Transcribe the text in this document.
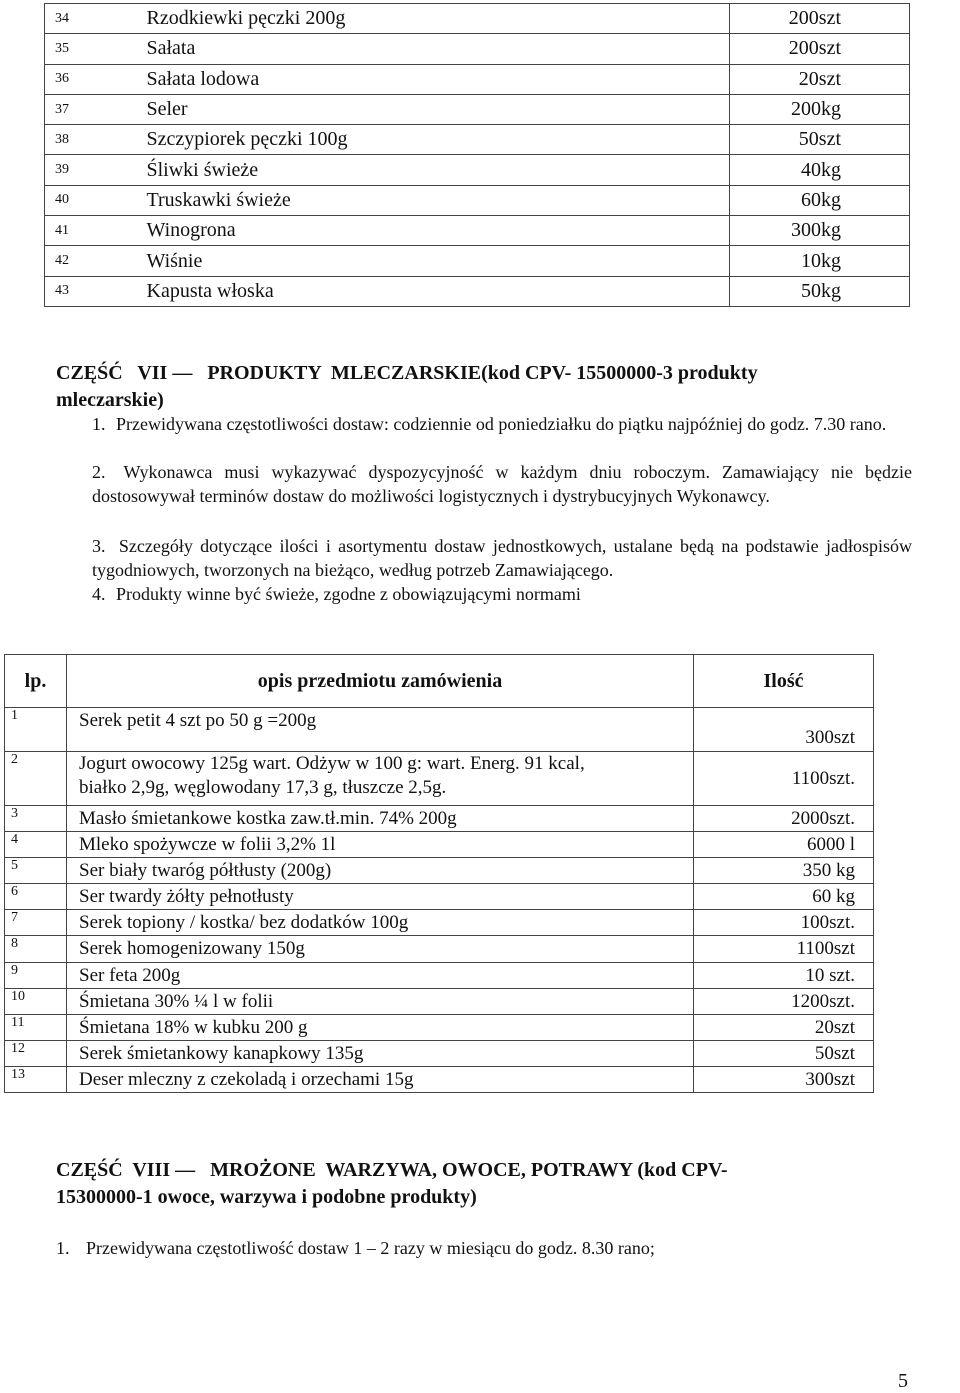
34	Rzodkiewki pęczki 200g	200szt
35	Sałata	200szt
36	Sałata lodowa	20szt
37	Seler	200kg
38	Szczypiorek pęczki 100g	50szt
39	Śliwki świeże	40kg
40	Truskawki świeże	60kg
41	Winogrona	300kg
42	Wiśnie	10kg
43	Kapusta włoska	50kg
CZĘŚĆ   VII —   PRODUKTY  MLECZARSKIE(kod CPV- 15500000-3 produkty
mleczarskie)
1. Przewidywana częstotliwości dostaw: codziennie od poniedziałku do piątku najpóźniej do godz. 7.30 rano.
2. Wykonawca musi wykazywać dyspozycyjność w każdym dniu roboczym. Zamawiający nie będzie dostosowywał terminów dostaw do możliwości logistycznych i dystrybucyjnych Wykonawcy.
3. Szczegóły dotyczące ilości i asortymentu dostaw jednostkowych, ustalane będą na podstawie jadłospisów tygodniowych, tworzonych na bieżąco, według potrzeb Zamawiającego.
4. Produkty winne być świeże, zgodne z obowiązującymi normami
lp.	opis przedmiotu zamówienia	Ilość
1	Serek petit 4 szt po 50 g =200g	300szt
2	Jogurt owocowy 125g wart. Odżyw w 100 g: wart. Energ. 91 kcal, białko 2,9g, węglowodany 17,3 g, tłuszcze 2,5g.	1100szt.
3	Masło śmietankowe kostka zaw.tł.min. 74% 200g	2000szt.
4	Mleko spożywcze w folii 3,2% 1l	6000 l
5	Ser biały twaróg półtłusty (200g)	350 kg
6	Ser twardy żółty pełnotłusty	60 kg
7	Serek topiony / kostka/ bez dodatków 100g	100szt.
8	Serek homogenizowany 150g	1100szt
9	Ser feta 200g	10 szt.
10	Śmietana 30% ¼ l w folii	1200szt.
11	Śmietana 18% w kubku 200 g	20szt
12	Serek śmietankowy kanapkowy 135g	50szt
13	Deser mleczny z czekoladą i orzechami 15g	300szt
CZĘŚĆ  VIII —   MROŻONE  WARZYWA, OWOCE, POTRAWY (kod CPV-
15300000-1 owoce, warzywa i podobne produkty)
1. Przewidywana częstotliwość dostaw 1 – 2 razy w miesiącu do godz. 8.30 rano;
5
